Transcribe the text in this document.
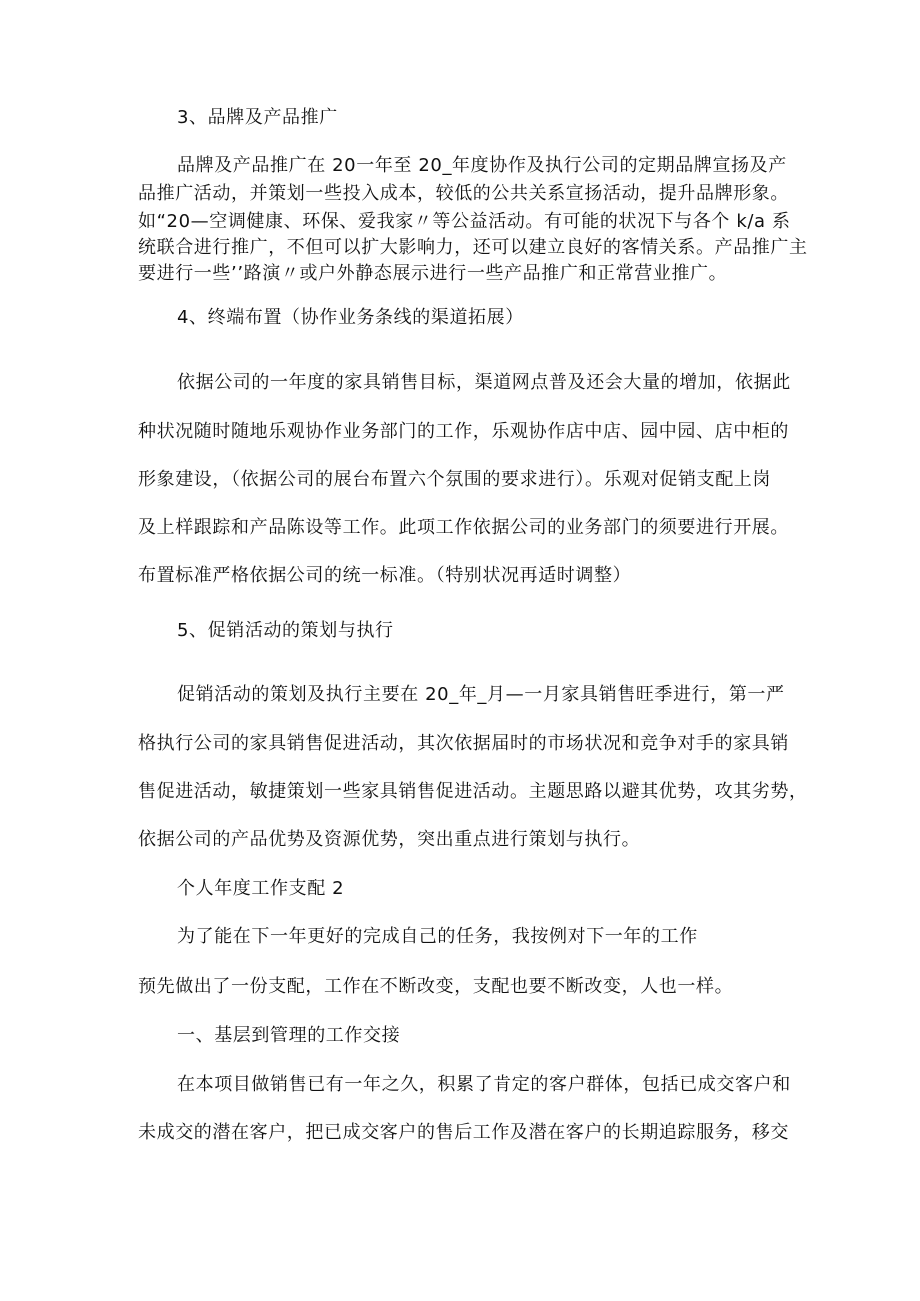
3、品牌及产品推广
品牌及产品推广在 20一年至 20_年度协作及执行公司的定期品牌宣扬及产
品推广活动，并策划一些投入成本，较低的公共关系宣扬活动，提升品牌形象。
如“20—空调健康、环保、爱我家〃等公益活动。有可能的状况下与各个 k/a 系
统联合进行推广，不但可以扩大影响力，还可以建立良好的客情关系。产品推广主
要进行一些’’路演〃或户外静态展示进行一些产品推广和正常营业推广。
4、终端布置（协作业务条线的渠道拓展）
依据公司的一年度的家具销售目标，渠道网点普及还会大量的增加，依据此
种状况随时随地乐观协作业务部门的工作，乐观协作店中店、园中园、店中柜的
形象建设，（依据公司的展台布置六个氛围的要求进行）。乐观对促销支配上岗
及上样跟踪和产品陈设等工作。此项工作依据公司的业务部门的须要进行开展。
布置标准严格依据公司的统一标准。（特别状况再适时调整）
5、促销活动的策划与执行
促销活动的策划及执行主要在 20_年_月—一月家具销售旺季进行，第一严
格执行公司的家具销售促进活动，其次依据届时的市场状况和竞争对手的家具销
售促进活动，敏捷策划一些家具销售促进活动。主题思路以避其优势，攻其劣势，
依据公司的产品优势及资源优势，突出重点进行策划与执行。
个人年度工作支配 2
为了能在下一年更好的完成自己的任务，我按例对下一年的工作
预先做出了一份支配，工作在不断改变，支配也要不断改变，人也一样。
一、基层到管理的工作交接
在本项目做销售已有一年之久，积累了肯定的客户群体，包括已成交客户和
未成交的潜在客户，把已成交客户的售后工作及潜在客户的长期追踪服务，移交
